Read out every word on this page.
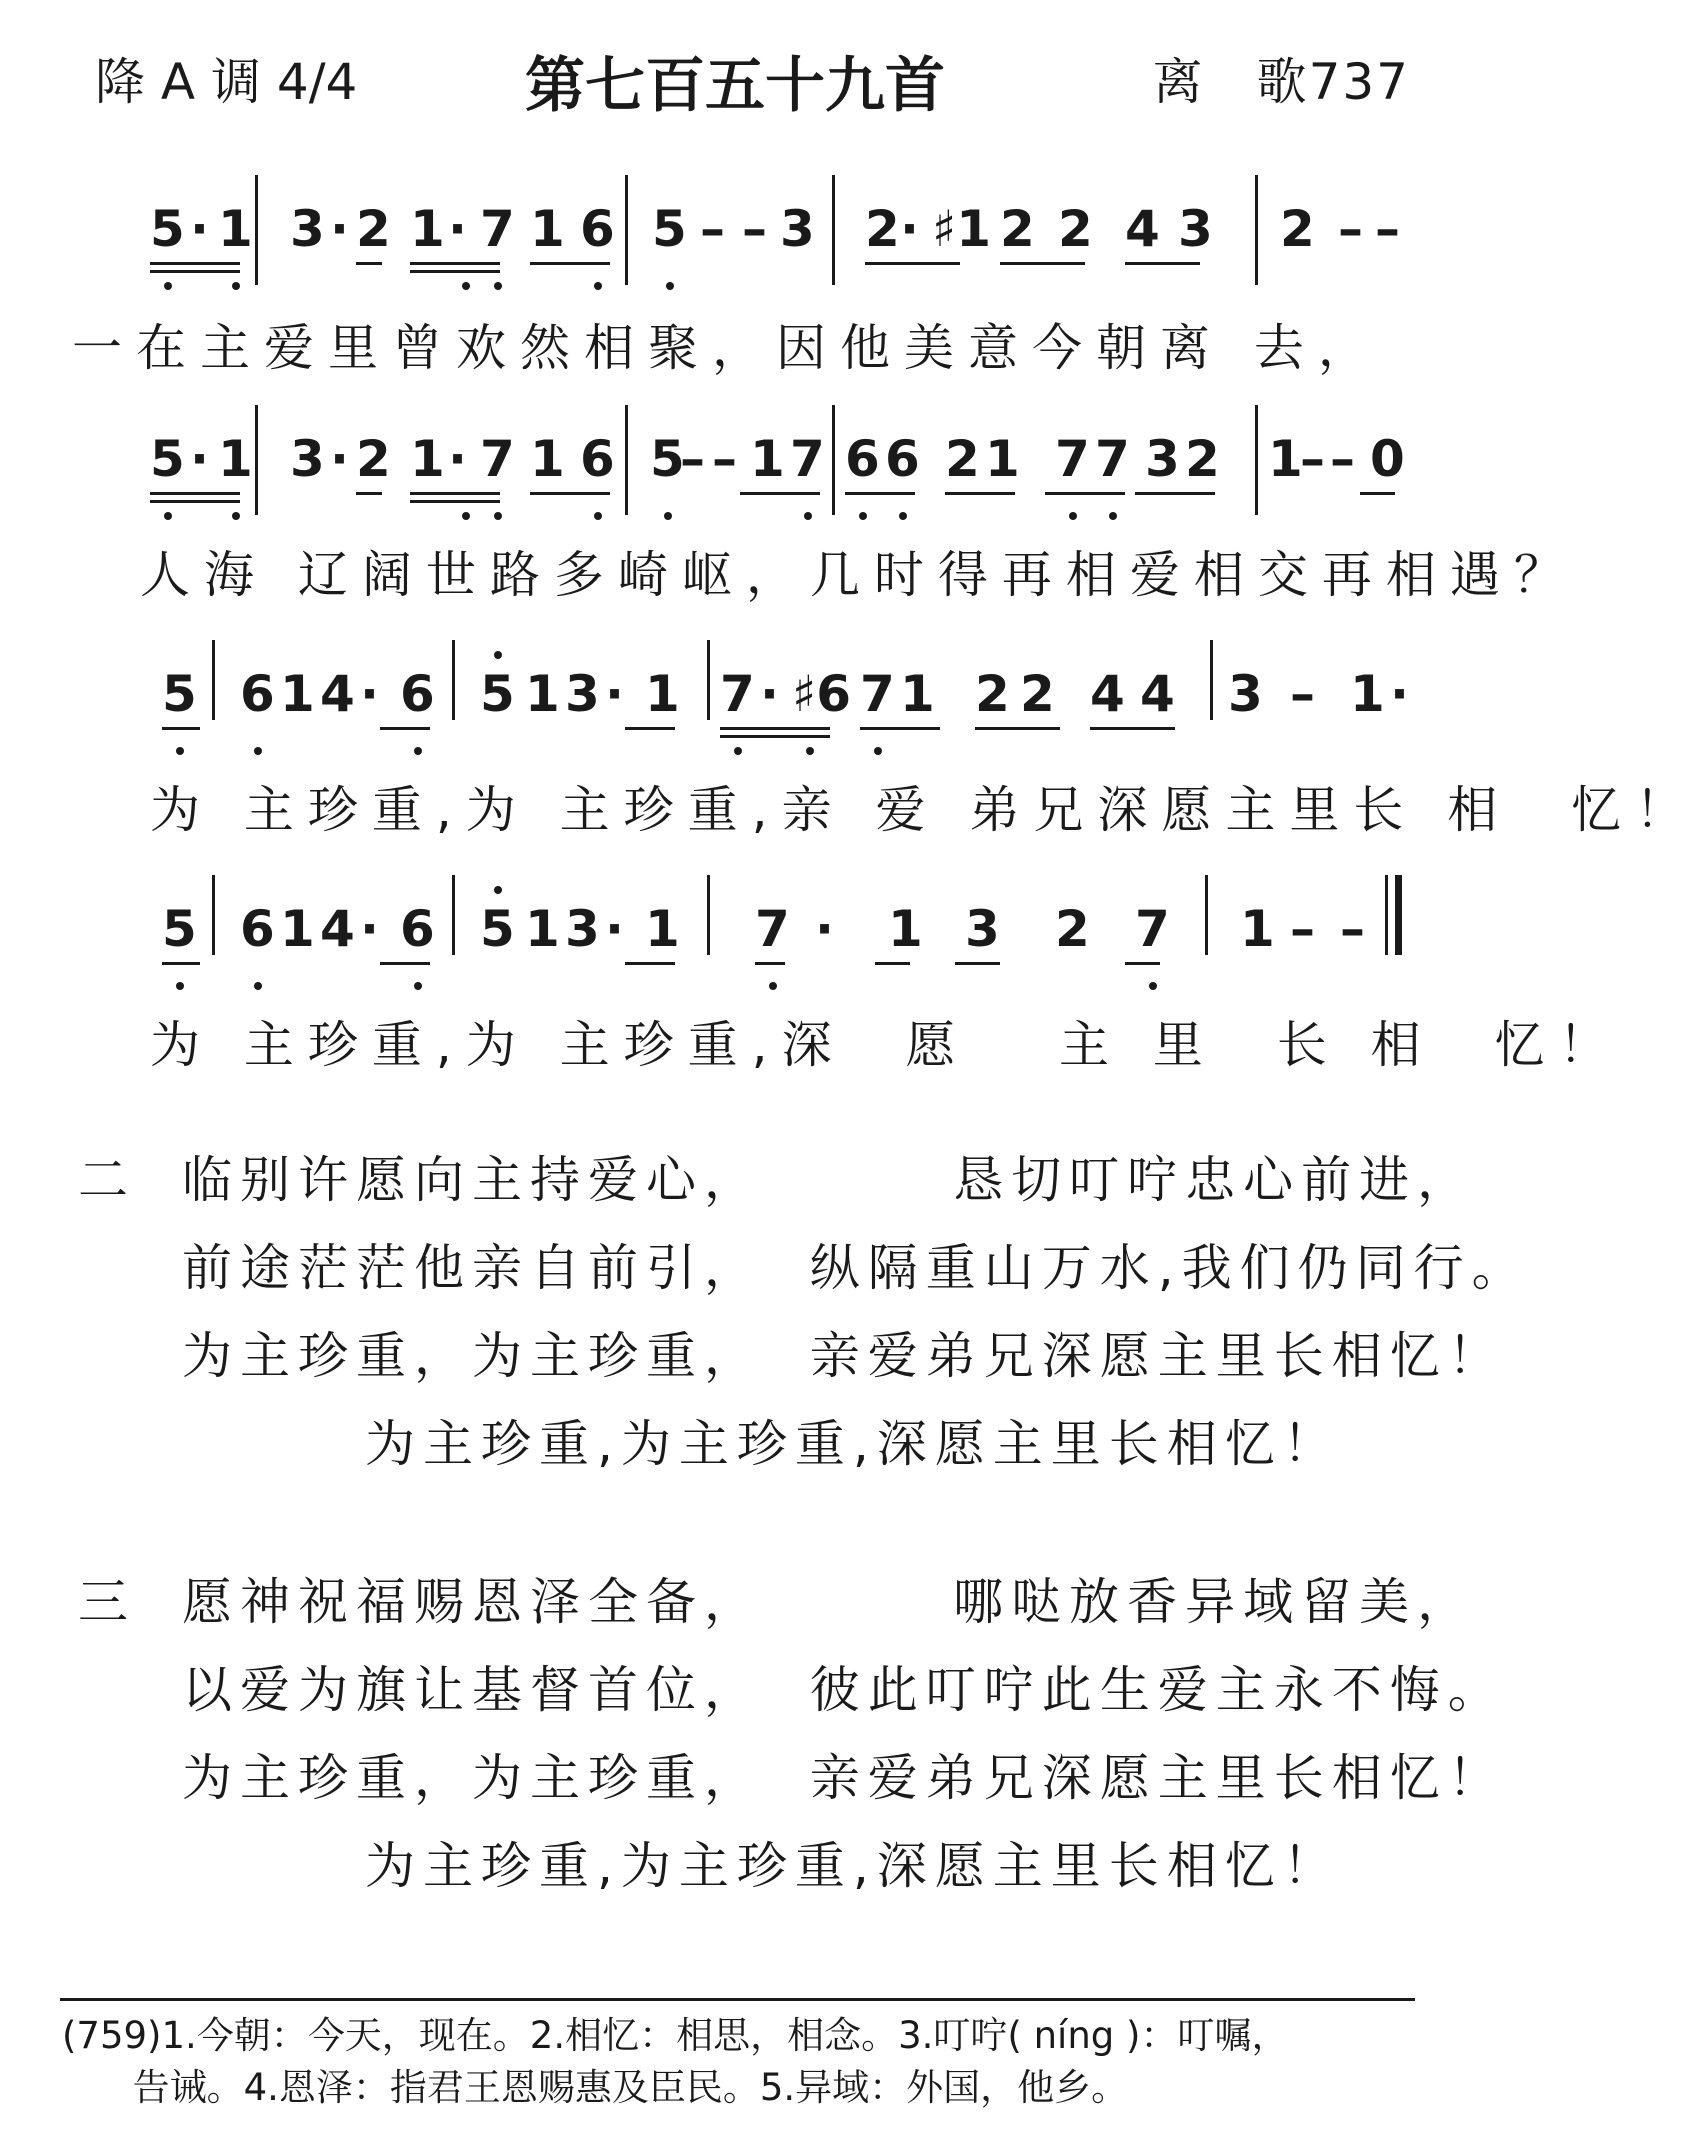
降 A 调 4/4	第七百五十九首	离　歌737
5 · 1 3 · 2 1 · 7 1 6 5 – – 3 2 · ♯1 2 2 4 3 2 – –
一在主爱里曾欢然相聚，因他美意今朝离 去，
5 · 1 3 · 2 1 · 7 1 6 5
– – 1 7 6 6 2 1 7 7 3 2 1
– – 0
人海 辽阔世路多崎岖，几时得再相爱相交再相遇？
5 6 1 4 · 6 5 1 3 · 1 7 · ♯6 7 1 2 2 4 4 3 – 1 ·
为 主珍重,为 主珍重,亲 爱 弟兄深愿主里长 相  忆！
5 6 1 4 · 6 5 1 3 · 1 7 · 1 3 2 7 1 – –
为 主珍重,为 主珍重,深  愿   主 里  长 相  忆！
二 临别许愿向主持爱心，        恳切叮咛忠心前进，
前途茫茫他亲自前引，  纵隔重山万水,我们仍同行。
为主珍重，为主珍重，  亲爱弟兄深愿主里长相忆！
为主珍重,为主珍重,深愿主里长相忆！
三 愿神祝福赐恩泽全备，        哪哒放香异域留美，
以爱为旗让基督首位，  彼此叮咛此生爱主永不悔。
为主珍重，为主珍重，  亲爱弟兄深愿主里长相忆！
为主珍重,为主珍重,深愿主里长相忆！
(759)1.今朝：今天，现在。2.相忆：相思，相念。3.叮咛( níng )：叮嘱，
告诫。4.恩泽：指君王恩赐惠及臣民。5.异域：外国，他乡。
